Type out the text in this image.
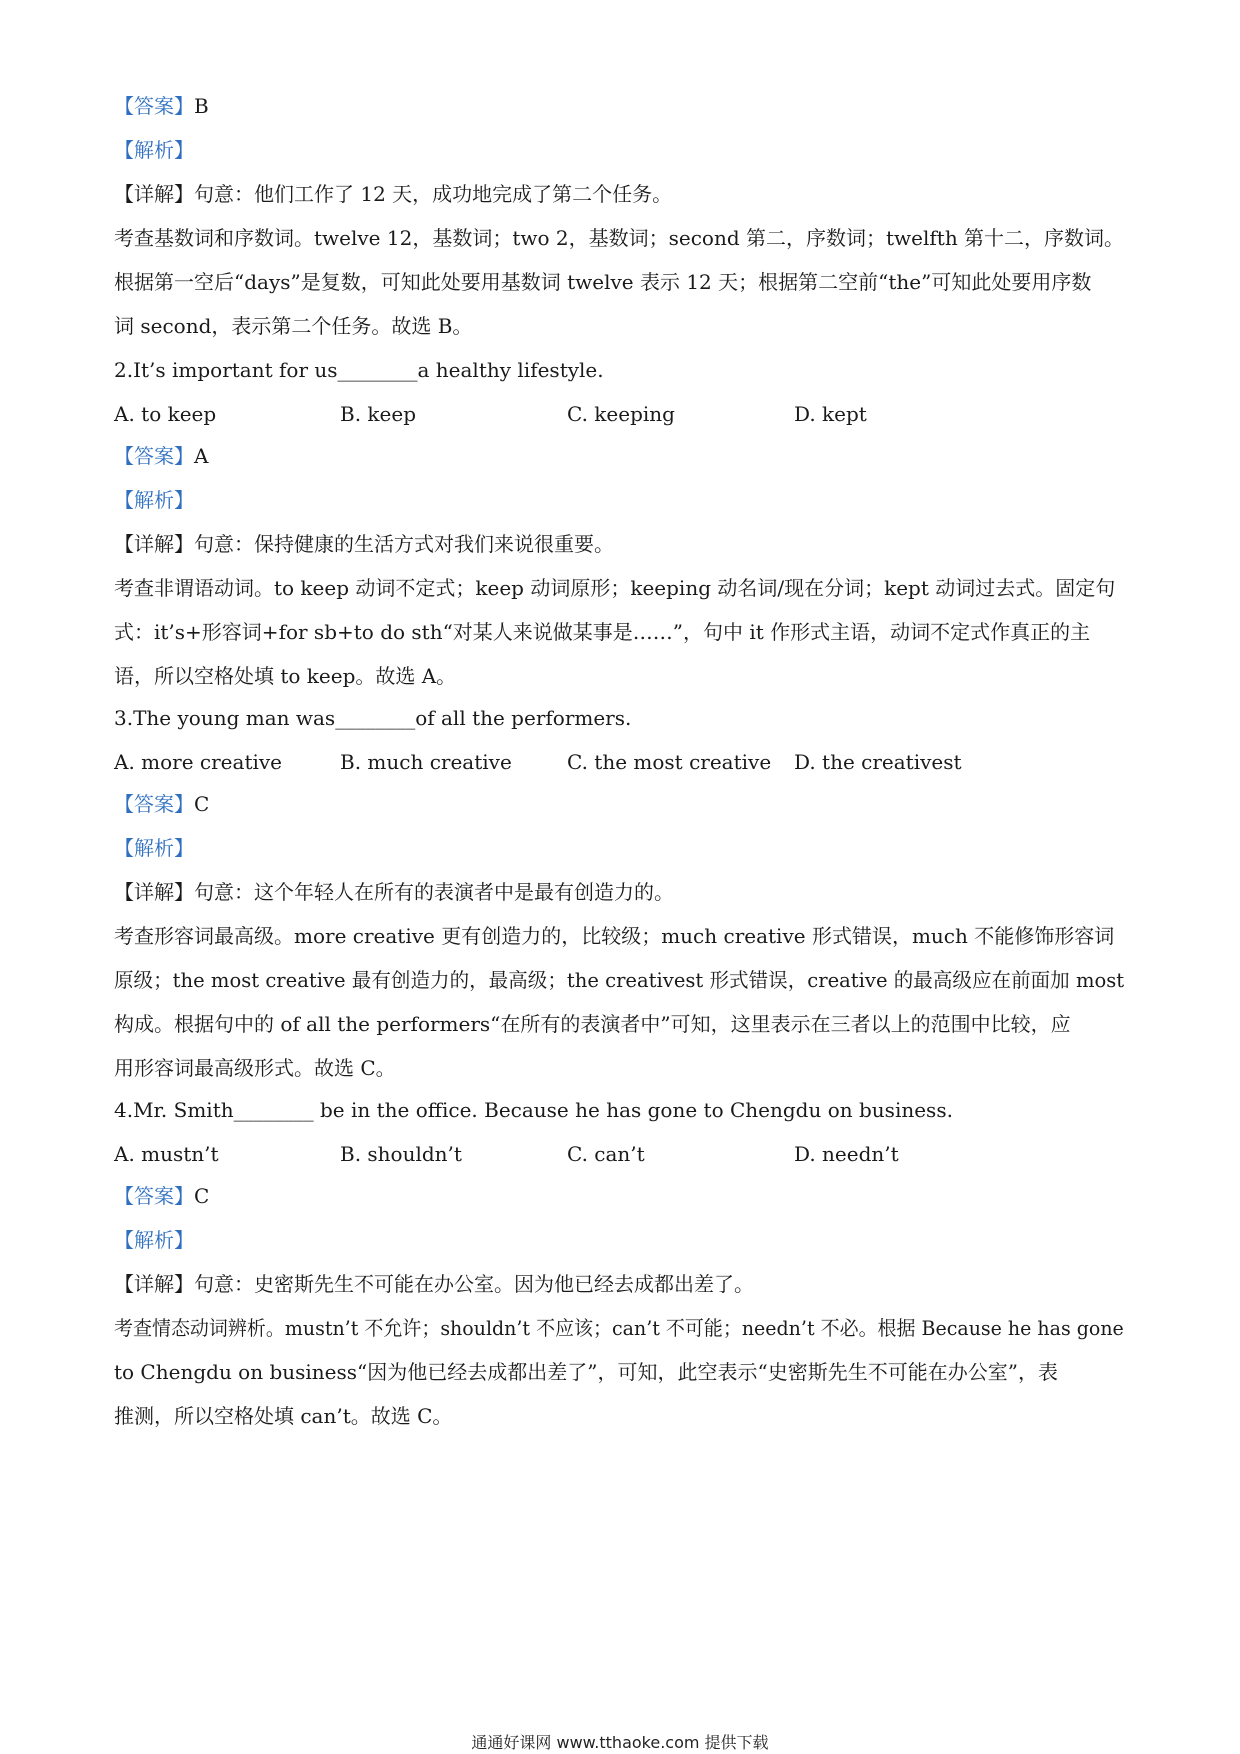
【答案】B
【解析】
【详解】句意：他们工作了 12 天，成功地完成了第二个任务。
考查基数词和序数词。twelve 12，基数词；two 2，基数词；second 第二，序数词；twelfth 第十二，序数词。
根据第一空后“days”是复数，可知此处要用基数词 twelve 表示 12 天；根据第二空前“the”可知此处要用序数
词 second，表示第二个任务。故选 B。
2.It’s important for us________a healthy lifestyle.
A. to keep	B. keep	C. keeping	D. kept
【答案】A
【解析】
【详解】句意：保持健康的生活方式对我们来说很重要。
考查非谓语动词。to keep 动词不定式；keep 动词原形；keeping 动名词/现在分词；kept 动词过去式。固定句
式：it’s+形容词+for sb+to do sth“对某人来说做某事是……”，句中 it 作形式主语，动词不定式作真正的主
语，所以空格处填 to keep。故选 A。
3.The young man was________of all the performers.
A. more creative	B. much creative	C. the most creative D. the creativest
【答案】C
【解析】
【详解】句意：这个年轻人在所有的表演者中是最有创造力的。
考查形容词最高级。more creative 更有创造力的，比较级；much creative 形式错误，much 不能修饰形容词
原级；the most creative 最有创造力的，最高级；the creativest 形式错误，creative 的最高级应在前面加 most
构成。根据句中的 of all the performers“在所有的表演者中”可知，这里表示在三者以上的范围中比较，应
用形容词最高级形式。故选 C。
4.Mr. Smith________ be in the office. Because he has gone to Chengdu on business.
A. mustn’t	B. shouldn’t	C. can’t	D. needn’t
【答案】C
【解析】
【详解】句意：史密斯先生不可能在办公室。因为他已经去成都出差了。
考查情态动词辨析。mustn’t 不允许；shouldn’t 不应该；can’t 不可能；needn’t 不必。根据 Because he has gone
to Chengdu on business“因为他已经去成都出差了”，可知，此空表示“史密斯先生不可能在办公室”，表
推测，所以空格处填 can’t。故选 C。
通通好课网 www.tthaoke.com 提供下载
